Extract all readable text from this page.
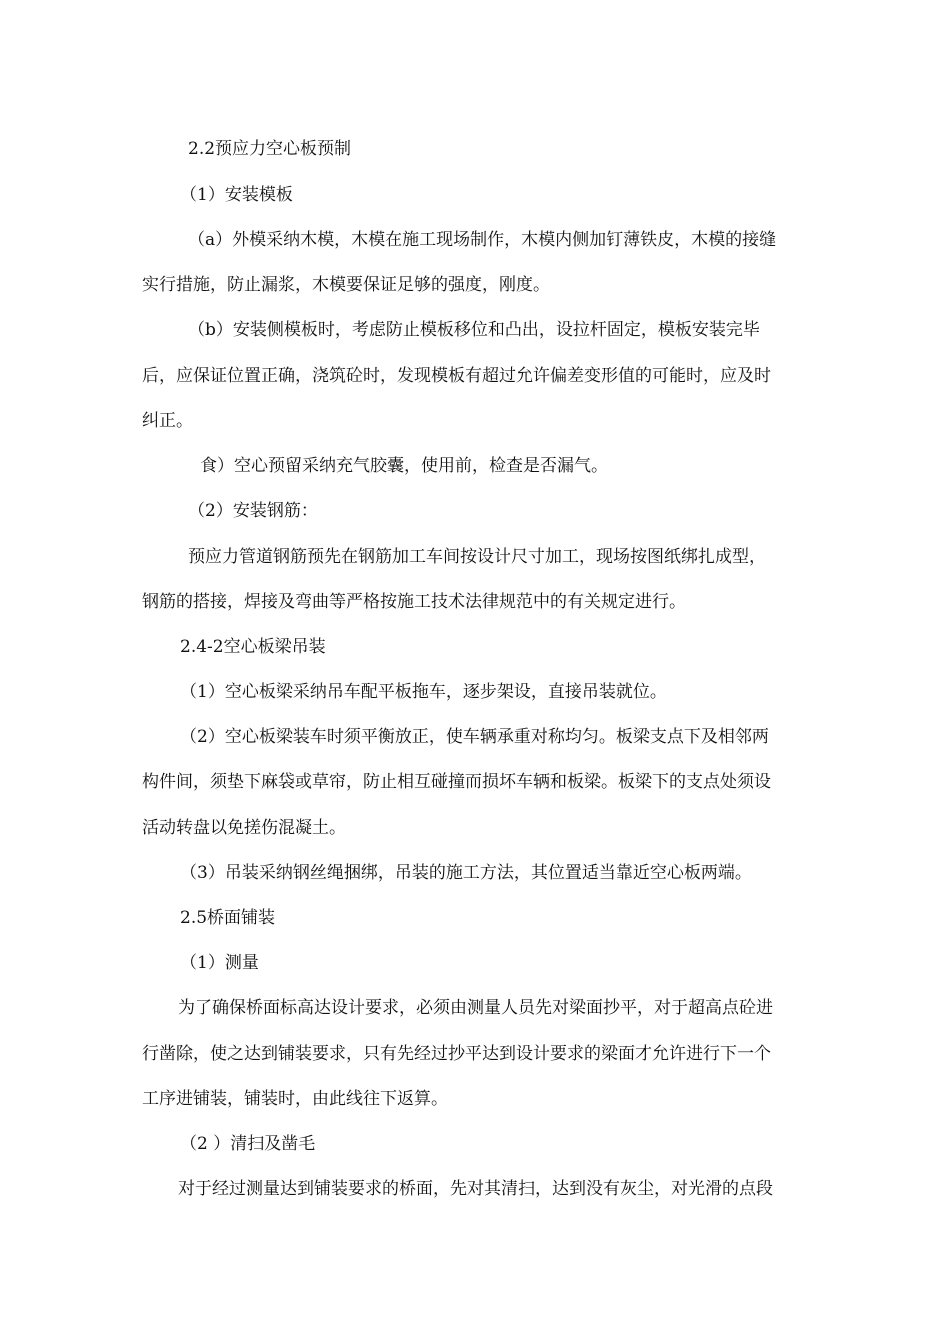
2.2预应力空心板预制
（1）安装模板
（a）外模采纳木模，木模在施工现场制作，木模内侧加钉薄铁皮，木模的接缝
实行措施，防止漏浆，木模要保证足够的强度，刚度。
（b）安装侧模板时，考虑防止模板移位和凸出，设拉杆固定，模板安装完毕
后，应保证位置正确，浇筑砼时，发现模板有超过允许偏差变形值的可能时，应及时
纠正。
食）空心预留采纳充气胶囊，使用前，检查是否漏气。
（2）安装钢筋：
预应力管道钢筋预先在钢筋加工车间按设计尺寸加工，现场按图纸绑扎成型，
钢筋的搭接，焊接及弯曲等严格按施工技术法律规范中的有关规定进行。
2.4-2空心板梁吊装
（1）空心板梁采纳吊车配平板拖车，逐步架设，直接吊装就位。
（2）空心板梁装车时须平衡放正，使车辆承重对称均匀。板梁支点下及相邻两
构件间，须垫下麻袋或草帘，防止相互碰撞而损坏车辆和板梁。板梁下的支点处须设
活动转盘以免搓伤混凝土。
（3）吊装采纳钢丝绳捆绑，吊装的施工方法，其位置适当靠近空心板两端。
2.5桥面铺装
（1）测量
为了确保桥面标高达设计要求，必须由测量人员先对梁面抄平，对于超高点砼进
行凿除，使之达到铺装要求，只有先经过抄平达到设计要求的梁面才允许进行下一个
工序进铺装，铺装时，由此线往下返算。
（2 ）清扫及凿毛
对于经过测量达到铺装要求的桥面，先对其清扫，达到没有灰尘，对光滑的点段
